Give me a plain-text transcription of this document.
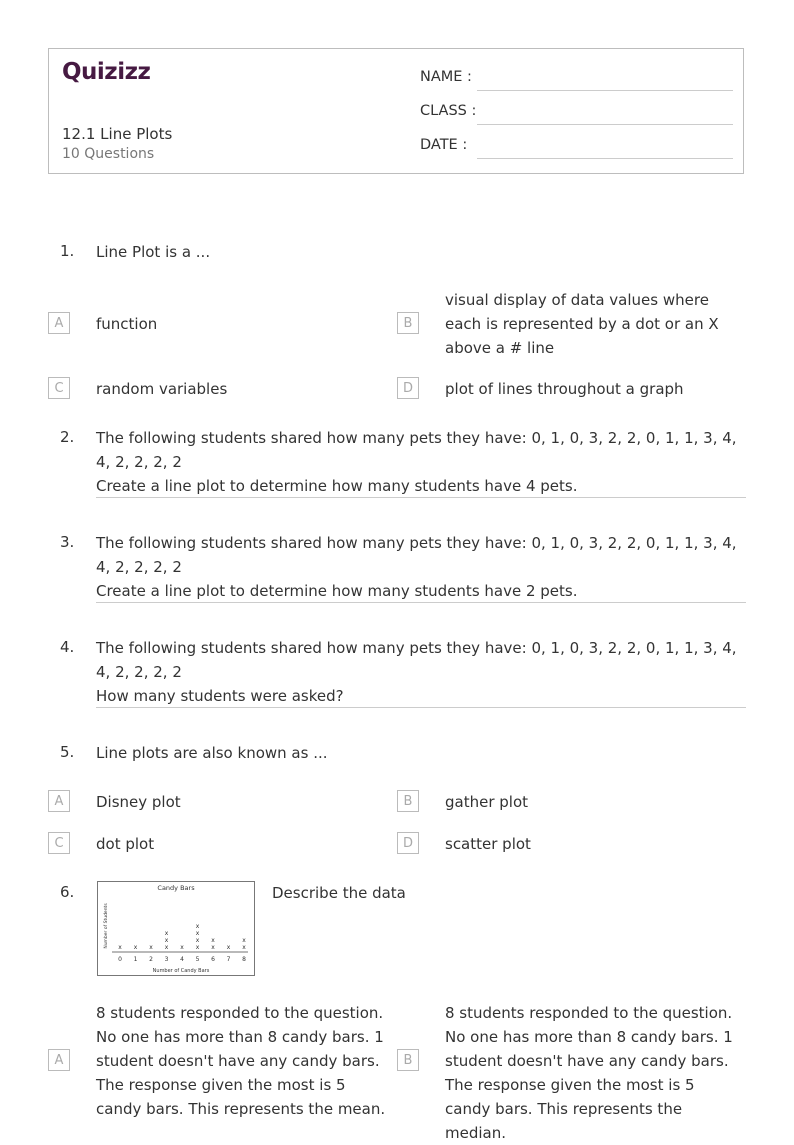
Quizizz
12.1 Line Plots
10 Questions
NAME :
CLASS :
DATE :
1. Line Plot is a ...
A	function	B
visual display of data values where each is represented by a dot or an X above a # line
C	random variables	D	plot of lines throughout a graph
2. The following students shared how many pets they have: 0, 1, 0, 3, 2, 2, 0, 1, 1, 3, 4, 4, 2, 2, 2, 2
Create a line plot to determine how many students have 4 pets.
3. The following students shared how many pets they have: 0, 1, 0, 3, 2, 2, 0, 1, 1, 3, 4, 4, 2, 2, 2, 2
Create a line plot to determine how many students have 2 pets.
4. The following students shared how many pets they have: 0, 1, 0, 3, 2, 2, 0, 1, 1, 3, 4, 4, 2, 2, 2, 2
How many students were asked?
5. Line plots are also known as ...
A	Disney plot	B	gather plot
C	dot plot	D	scatter plot
6.	Candy Bars
Number of Students
0 1 2 3 4 5 6 7 8
x x x x
x
x
x x
x
x
x
x
x
x x
x
Number of Candy Bars
Describe the data
A
8 students responded to the question. No one has more than 8 candy bars. 1 student doesn't have any candy bars. The response given the most is 5 candy bars. This represents the mean.
B
8 students responded to the question. No one has more than 8 candy bars. 1 student doesn't have any candy bars. The response given the most is 5 candy bars. This represents the median.
